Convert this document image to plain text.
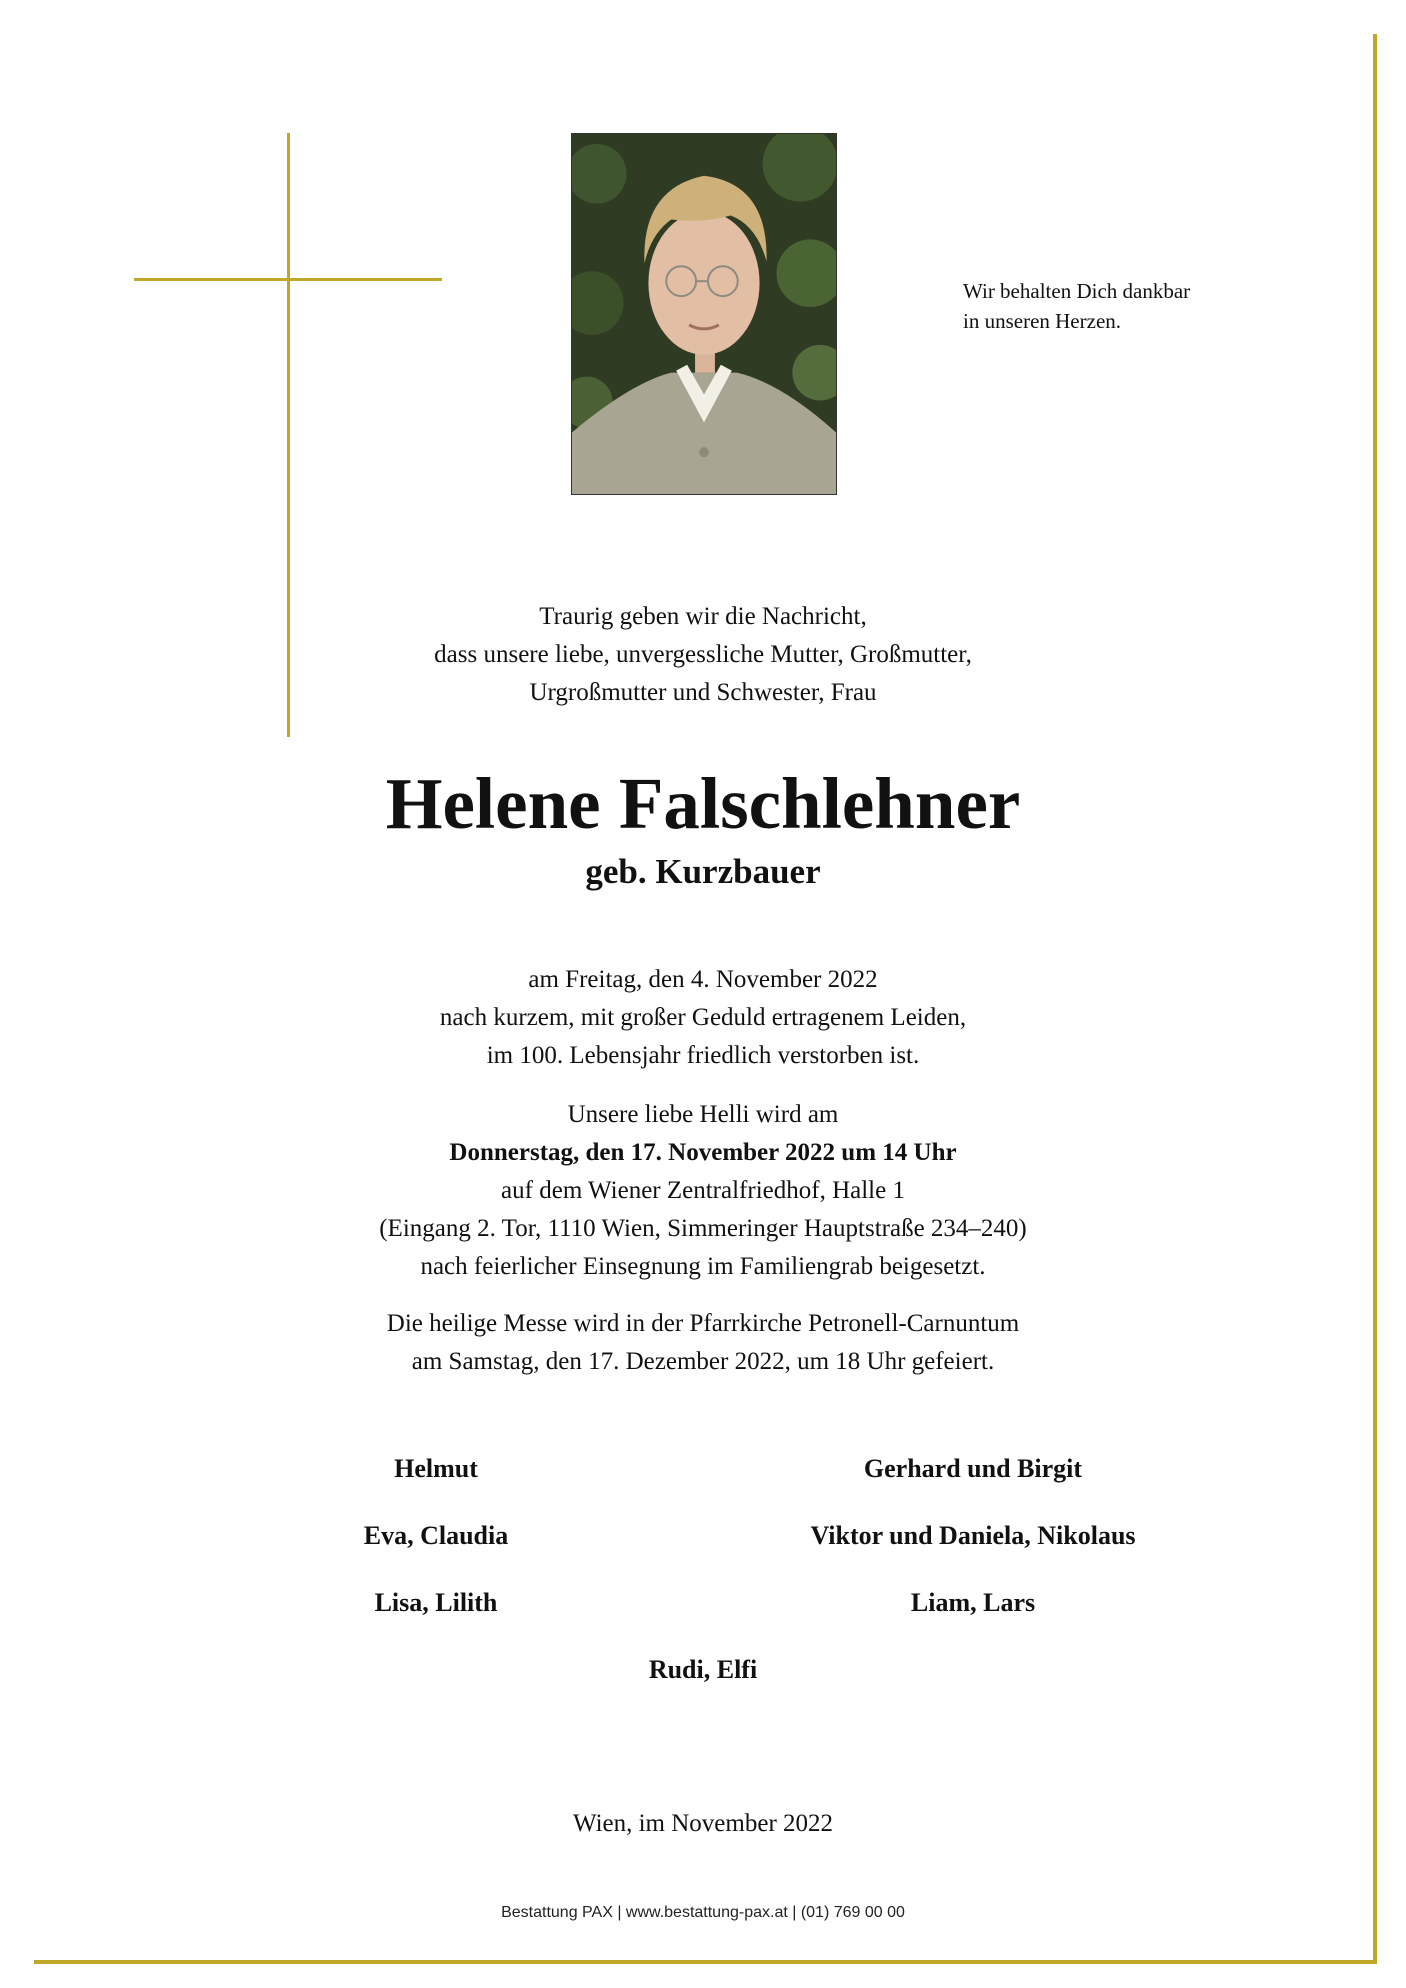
Wir behalten Dich dankbar
in unseren Herzen.
Traurig geben wir die Nachricht,
dass unsere liebe, unvergessliche Mutter, Großmutter,
Urgroßmutter und Schwester, Frau
Helene Falschlehner
geb. Kurzbauer
am Freitag, den 4. November 2022
nach kurzem, mit großer Geduld ertragenem Leiden,
im 100. Lebensjahr friedlich verstorben ist.
Unsere liebe Helli wird am
Donnerstag, den 17. November 2022 um 14 Uhr
auf dem Wiener Zentralfriedhof, Halle 1
(Eingang 2. Tor, 1110 Wien, Simmeringer Hauptstraße 234–240)
nach feierlicher Einsegnung im Familiengrab beigesetzt.
Die heilige Messe wird in der Pfarrkirche Petronell-Carnuntum
am Samstag, den 17. Dezember 2022, um 18 Uhr gefeiert.
Helmut
Eva, Claudia
Lisa, Lilith
Gerhard und Birgit
Viktor und Daniela, Nikolaus
Liam, Lars
Rudi, Elfi
Wien, im November 2022
Bestattung PAX | www.bestattung-pax.at | (01) 769 00 00
